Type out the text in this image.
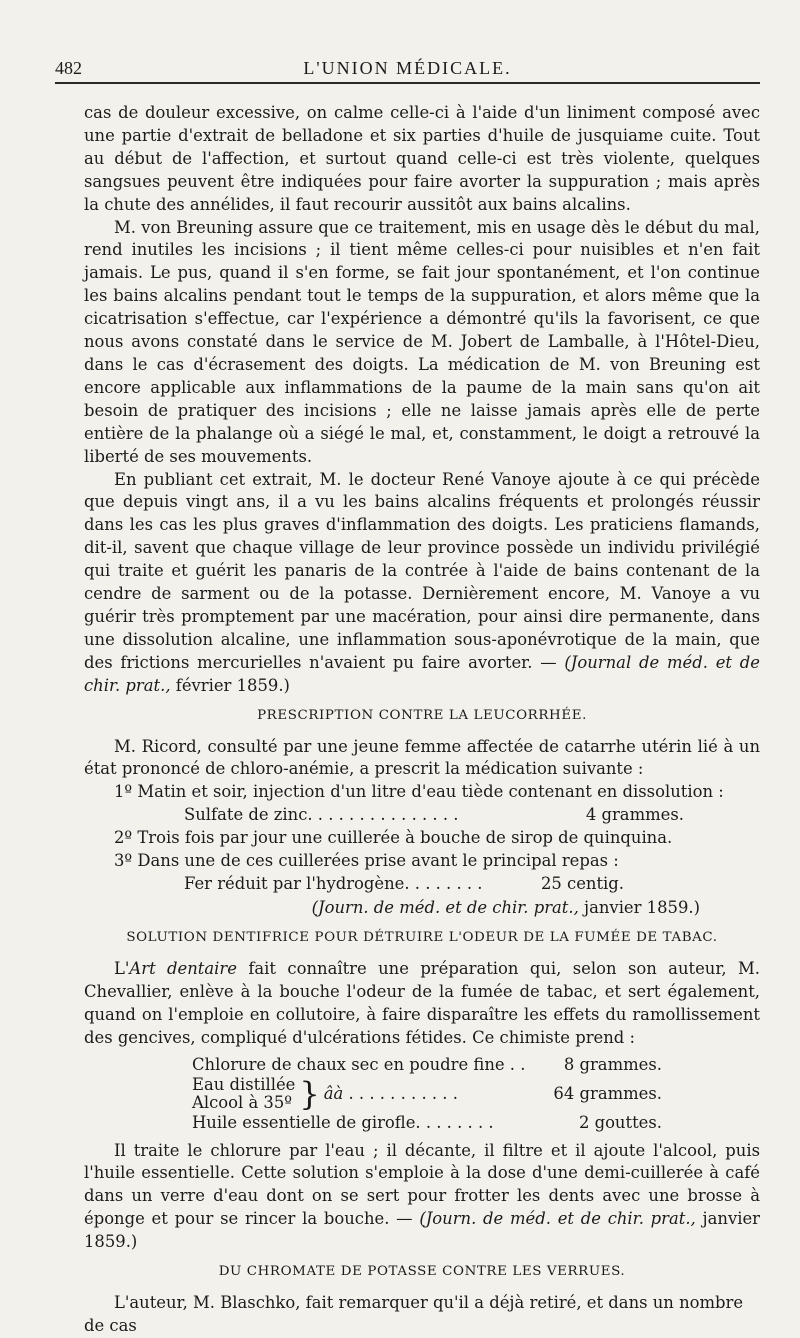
482	L'UNION MÉDICALE.

cas de douleur excessive, on calme celle-ci à l'aide d'un liniment composé avec une partie d'extrait de belladone et six parties d'huile de jusquiame cuite. Tout au début de l'affection, et surtout quand celle-ci est très violente, quelques sangsues peuvent être indiquées pour faire avorter la suppuration ; mais après la chute des annélides, il faut recourir aussitôt aux bains alcalins.

M. von Breuning assure que ce traitement, mis en usage dès le début du mal, rend inutiles les incisions ; il tient même celles-ci pour nuisibles et n'en fait jamais. Le pus, quand il s'en forme, se fait jour spontanément, et l'on continue les bains alcalins pendant tout le temps de la suppuration, et alors même que la cicatrisation s'effectue, car l'expérience a démontré qu'ils la favorisent, ce que nous avons constaté dans le service de M. Jobert de Lamballe, à l'Hôtel-Dieu, dans le cas d'écrasement des doigts. La médication de M. von Breuning est encore applicable aux inflammations de la paume de la main sans qu'on ait besoin de pratiquer des incisions ; elle ne laisse jamais après elle de perte entière de la phalange où a siégé le mal, et, constamment, le doigt a retrouvé la liberté de ses mouvements.

En publiant cet extrait, M. le docteur René Vanoye ajoute à ce qui précède que depuis vingt ans, il a vu les bains alcalins fréquents et prolongés réussir dans les cas les plus graves d'inflammation des doigts. Les praticiens flamands, dit-il, savent que chaque village de leur province possède un individu privilégié qui traite et guérit les panaris de la contrée à l'aide de bains contenant de la cendre de sarment ou de la potasse. Dernièrement encore, M. Vanoye a vu guérir très promptement par une macération, pour ainsi dire permanente, dans une dissolution alcaline, une inflammation sous-aponévrotique de la main, que des frictions mercurielles n'avaient pu faire avorter. — (Journal de méd. et de chir. prat., février 1859.)

PRESCRIPTION CONTRE LA LEUCORRHÉE.

M. Ricord, consulté par une jeune femme affectée de catarrhe utérin lié à un état prononcé de chloro-anémie, a prescrit la médication suivante :

1º Matin et soir, injection d'un litre d'eau tiède contenant en dissolution :
Sulfate de zinc. . . . . . . . . . . . . . .	4 grammes.
2º Trois fois par jour une cuillerée à bouche de sirop de quinquina.
3º Dans une de ces cuillerées prise avant le principal repas :
Fer réduit par l'hydrogène. . . . . . . .	25 centig.
(Journ. de méd. et de chir. prat., janvier 1859.)
SOLUTION DENTIFRICE POUR DÉTRUIRE L'ODEUR DE LA FUMÉE DE TABAC.

L'Art dentaire fait connaître une préparation qui, selon son auteur, M. Chevallier, enlève à la bouche l'odeur de la fumée de tabac, et sert également, quand on l'emploie en collutoire, à faire disparaître les effets du ramollissement des gencives, compliqué d'ulcérations fétides. Ce chimiste prend :

Chlorure de chaux sec en poudre fine . . 8 grammes.
Eau distillée
Alcool à 35º } âà . . . . . . . . . . .	64 grammes.
Huile essentielle de girofle. . . . . . . .	2 gouttes.

Il traite le chlorure par l'eau ; il décante, il filtre et il ajoute l'alcool, puis l'huile essentielle. Cette solution s'emploie à la dose d'une demi-cuillerée à café dans un verre d'eau dont on se sert pour frotter les dents avec une brosse à éponge et pour se rincer la bouche. — (Journ. de méd. et de chir. prat., janvier 1859.)

DU CHROMATE DE POTASSE CONTRE LES VERRUES.

L'auteur, M. Blaschko, fait remarquer qu'il a déjà retiré, et dans un nombre de cas
